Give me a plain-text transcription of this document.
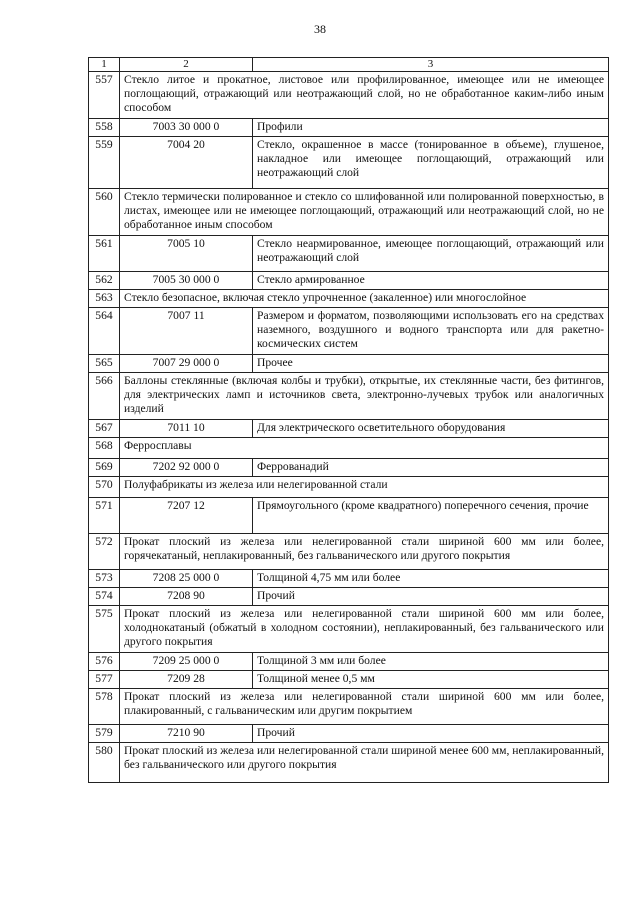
38
1	2	3
557	Стекло литое и прокатное, листовое или профилированное, имеющее или не имеющее поглощающий, отражающий или неотражающий слой, но не обработанное каким-либо иным способом	
558	7003 30 000 0	Профили
559	7004 20	Стекло, окрашенное в массе (тонированное в объеме), глушеное, накладное или имеющее поглощающий, отражающий или неотражающий слой
560	Стекло термически полированное и стекло со шлифованной или полированной поверхностью, в листах, имеющее или не имеющее поглощающий, отражающий или неотражающий слой, но не обработанное иным способом	
561	7005 10	Стекло неармированное, имеющее поглощающий, отражающий или неотражающий слой
562	7005 30 000 0	Стекло армированное
563	Стекло безопасное, включая стекло упрочненное (закаленное) или многослойное	
564	7007 11	Размером и форматом, позволяющими использовать его на средствах наземного, воздушного и водного транспорта или для ракетно-космических систем
565	7007 29 000 0	Прочее
566	Баллоны стеклянные (включая колбы и трубки), открытые, их стеклянные части, без фитингов, для электрических ламп и источников света, электронно-лучевых трубок или аналогичных изделий	
567	7011 10	Для электрического осветительного оборудования
568	Ферросплавы	
569	7202 92 000 0	Феррованадий
570	Полуфабрикаты из железа или нелегированной стали	
571	7207 12	Прямоугольного (кроме квадратного) поперечного сечения, прочие
572	Прокат плоский из железа или нелегированной стали шириной 600 мм или более, горячекатаный, неплакированный, без гальванического или другого покрытия	
573	7208 25 000 0	Толщиной 4,75 мм или более
574	7208 90	Прочий
575	Прокат плоский из железа или нелегированной стали шириной 600 мм или более, холоднокатаный (обжатый в холодном состоянии), неплакированный, без гальванического или другого покрытия	
576	7209 25 000 0	Толщиной 3 мм или более
577	7209 28	Толщиной менее 0,5 мм
578	Прокат плоский из железа или нелегированной стали шириной 600 мм или более, плакированный, с гальваническим или другим покрытием	
579	7210 90	Прочий
580	Прокат плоский из железа или нелегированной стали шириной менее 600 мм, неплакированный, без гальванического или другого покрытия	
